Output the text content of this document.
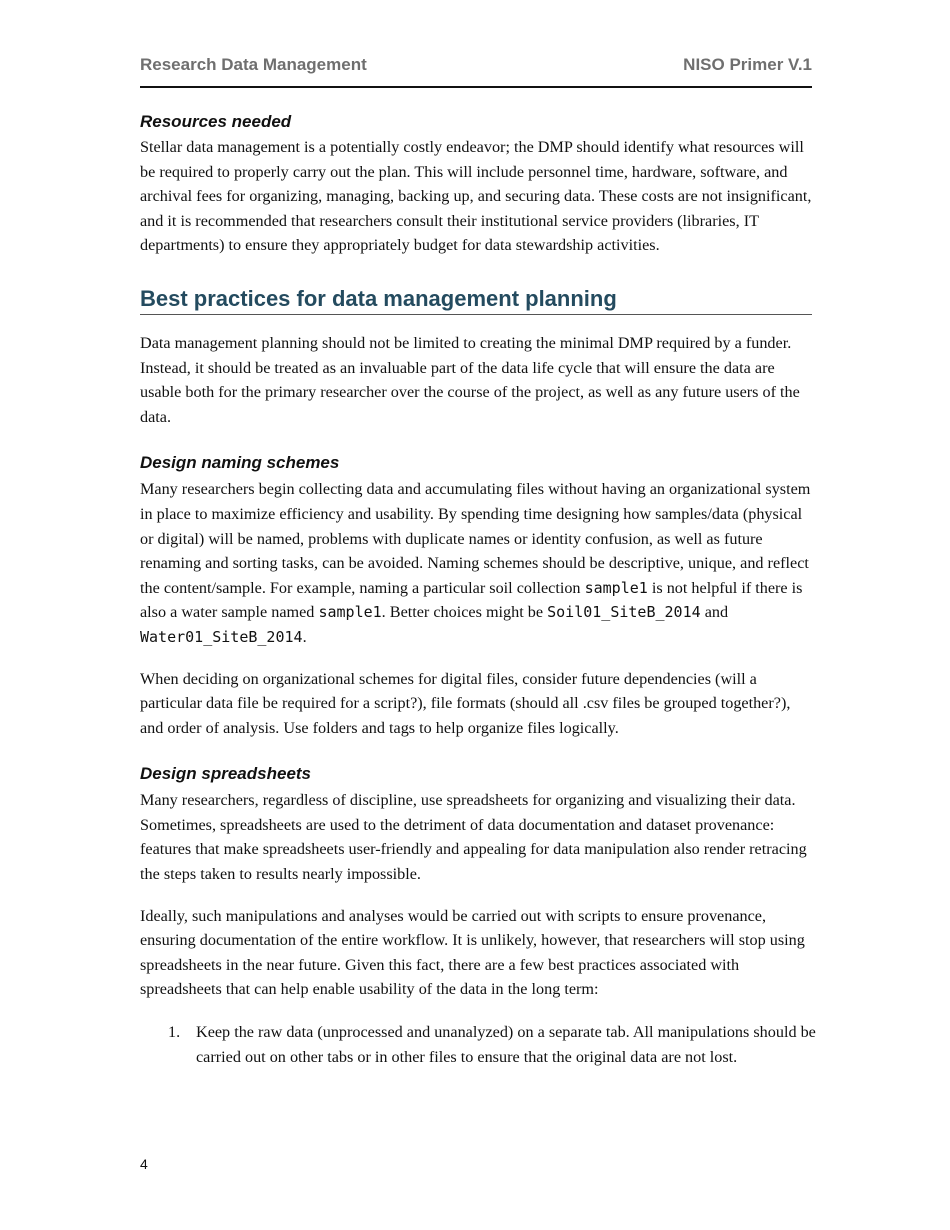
Research Data Management	NISO Primer V.1
Resources needed

Stellar data management is a potentially costly endeavor; the DMP should identify what resources will be required to properly carry out the plan. This will include personnel time, hardware, software, and archival fees for organizing, managing, backing up, and securing data. These costs are not insignificant, and it is recommended that researchers consult their institutional service providers (libraries, IT departments) to ensure they appropriately budget for data stewardship activities.

Best practices for data management planning

Data management planning should not be limited to creating the minimal DMP required by a funder. Instead, it should be treated as an invaluable part of the data life cycle that will ensure the data are usable both for the primary researcher over the course of the project, as well as any future users of the data.

Design naming schemes

Many researchers begin collecting data and accumulating files without having an organizational system in place to maximize efficiency and usability. By spending time designing how samples/data (physical or digital) will be named, problems with duplicate names or identity confusion, as well as future renaming and sorting tasks, can be avoided. Naming schemes should be descriptive, unique, and reflect the content/sample. For example, naming a particular soil collection sample1 is not helpful if there is also a water sample named sample1. Better choices might be Soil01_SiteB_2014 and Water01_SiteB_2014.

When deciding on organizational schemes for digital files, consider future dependencies (will a particular data file be required for a script?), file formats (should all .csv files be grouped together?), and order of analysis. Use folders and tags to help organize files logically.

Design spreadsheets

Many researchers, regardless of discipline, use spreadsheets for organizing and visualizing their data. Sometimes, spreadsheets are used to the detriment of data documentation and dataset provenance: features that make spreadsheets user-friendly and appealing for data manipulation also render retracing the steps taken to results nearly impossible.

Ideally, such manipulations and analyses would be carried out with scripts to ensure provenance, ensuring documentation of the entire workflow. It is unlikely, however, that researchers will stop using spreadsheets in the near future. Given this fact, there are a few best practices associated with spreadsheets that can help enable usability of the data in the long term:

1. Keep the raw data (unprocessed and unanalyzed) on a separate tab. All manipulations should be carried out on other tabs or in other files to ensure that the original data are not lost.
4
